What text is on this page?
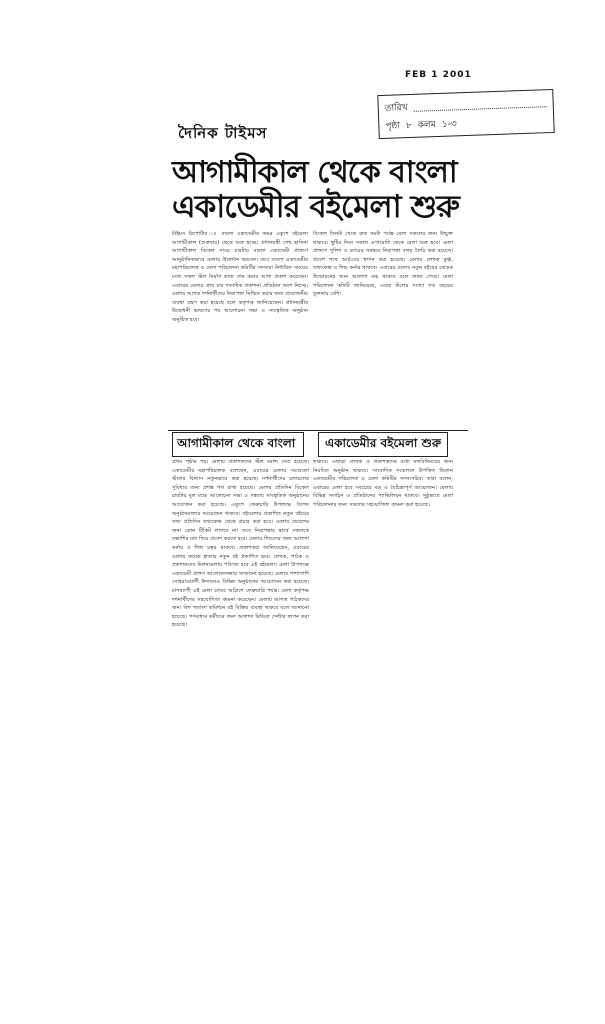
FEB 1 2001
তারিখ
পৃষ্ঠা ৮ কলম ১-৩
দৈনিক টাইমস
আগামীকাল থেকে বাংলা
একাডেমীর বইমেলা শুরু
টাইমস রিপোর্টার ঃ বাংলা একাডেমীর অমর একুশে বইমেলা আগামীকাল (শুক্রবার) থেকে শুরু হচ্ছে। প্রধানমন্ত্রী শেখ হাসিনা আগামীকাল বিকেল সাড়ে চারটায় বাংলা একাডেমী প্রাঙ্গণে আনুষ্ঠানিকভাবে মেলার উদ্বোধন করবেন। তবে বাংলা একাডেমীর মহাপরিচালক ও মেলা পরিচালনা কমিটির সদস্যরা নির্ধারিত সময়ের মধ্যে সকল স্টল নির্মাণ কাজ শেষ করার আশা প্রকাশ করেছেন। এবারের মেলায় প্রায় চার শতাধিক প্রকাশনা প্রতিষ্ঠান অংশ নিচ্ছে। মেলায় আগত দর্শনার্থীদের নিরাপত্তা নিশ্চিত করার জন্য প্রয়োজনীয় ব্যবস্থা গ্রহণ করা হয়েছে বলে কর্তৃপক্ষ জানিয়েছেন। প্রধানমন্ত্রীর উদ্বোধনী ভাষণের পর আলোচনা সভা ও সাংস্কৃতিক অনুষ্ঠান অনুষ্ঠিত হবে।
বিকেল তিনটা থেকে রাত নয়টা পর্যন্ত মেলা সকলের জন্য উন্মুক্ত থাকবে। ছুটির দিনে সকাল এগারোটা থেকে মেলা শুরু হবে। মেলা প্রাঙ্গণে পুলিশ ও র‌্যাবের সমন্বয়ে নিরাপত্তা বলয় তৈরি করা হয়েছে। প্রবেশ পথে আর্চওয়ে স্থাপন করা হয়েছে। মেলায় লেখক কুঞ্জ, তথ্যকেন্দ্র ও শিশু কর্নার থাকবে। এবারের মেলায় নতুন বইয়ের মোড়ক উন্মোচনের জন্য আলাদা মঞ্চ থাকবে বলে জানা গেছে। মেলা পরিচালনা কমিটি জানিয়েছে, এবার স্টলের সংখ্যা গত বছরের তুলনায় বেশি।
আগামীকাল থেকে বাংলা	একাডেমীর বইমেলা শুরু
প্রথম পৃষ্ঠার পর। মেলায় প্রকাশকদের স্টল বরাদ্দ দেয়া হয়েছে। একাডেমীর মহাপরিচালক বলেছেন, এবারের মেলায় সবগুলো স্টলের বিন্যাস নতুনভাবে করা হয়েছে। দর্শনার্থীদের চলাচলের সুবিধার জন্য প্রশস্ত পথ রাখা হয়েছে। মেলায় প্রতিদিন বিকেল চারটায় মূল মঞ্চে আলোচনা সভা ও সন্ধ্যায় সাংস্কৃতিক অনুষ্ঠানের আয়োজন করা হয়েছে। একুশে ফেব্রুয়ারি উপলক্ষে বিশেষ অনুষ্ঠানমালার আয়োজন থাকবে। বইমেলায় প্রকাশিত নতুন বইয়ের তথ্য প্রতিদিন তথ্যকেন্দ্র থেকে প্রচার করা হবে। মেলায় প্রবেশের জন্য কোন টিকিট লাগবে না। তবে নিরাপত্তার স্বার্থে সকলকে তল্লাশির মধ্য দিয়ে প্রবেশ করতে হবে। মেলায় শিশুদের জন্য আলাদা কর্নার ও শিশু চত্বর থাকবে। প্রকাশকরা জানিয়েছেন, এবারের মেলায় কয়েক হাজার নতুন বই প্রকাশিত হবে। লেখক, পাঠক ও প্রকাশকদের মিলনমেলায় পরিণত হবে এই বইমেলা। মেলা উপলক্ষে একাডেমী প্রাঙ্গণ আলোকসজ্জায় সাজানো হয়েছে। মেলার পাশাপাশি সোহরাওয়ার্দী উদ্যানেও বিভিন্ন অনুষ্ঠানের আয়োজন করা হয়েছে। মাসব্যাপী এই মেলা চলবে আঠাশে ফেব্রুয়ারি পর্যন্ত। মেলা কর্তৃপক্ষ দর্শনার্থীদের সহযোগিতা কামনা করেছেন। মেলায় আগত পাঠকদের জন্য বিশ শতাংশ কমিশনে বই বিক্রির ব্যবস্থা থাকবে বলে জানানো হয়েছে। গণমাধ্যম কর্মীদের জন্য আলাদা মিডিয়া সেন্টার স্থাপন করা হয়েছে।
থাকবে। এছাড়া লেখক ও প্রকাশকদের মধ্যে মতবিনিময়ের জন্য নিয়মিত অনুষ্ঠান থাকবে। সাংবাদিক সম্মেলনে উপস্থিত ছিলেন একাডেমীর পরিচালক ও মেলা কমিটির সদস্যসচিব। তারা বলেন, এবারের মেলা হবে সবচেয়ে বড় ও বৈচিত্র্যপূর্ণ আয়োজন। মেলায় বিভিন্ন সংগঠন ও প্রতিষ্ঠানের প্যাভিলিয়ন থাকবে। সুষ্ঠুভাবে মেলা পরিচালনার জন্য সকলের সহযোগিতা কামনা করা হয়েছে।
